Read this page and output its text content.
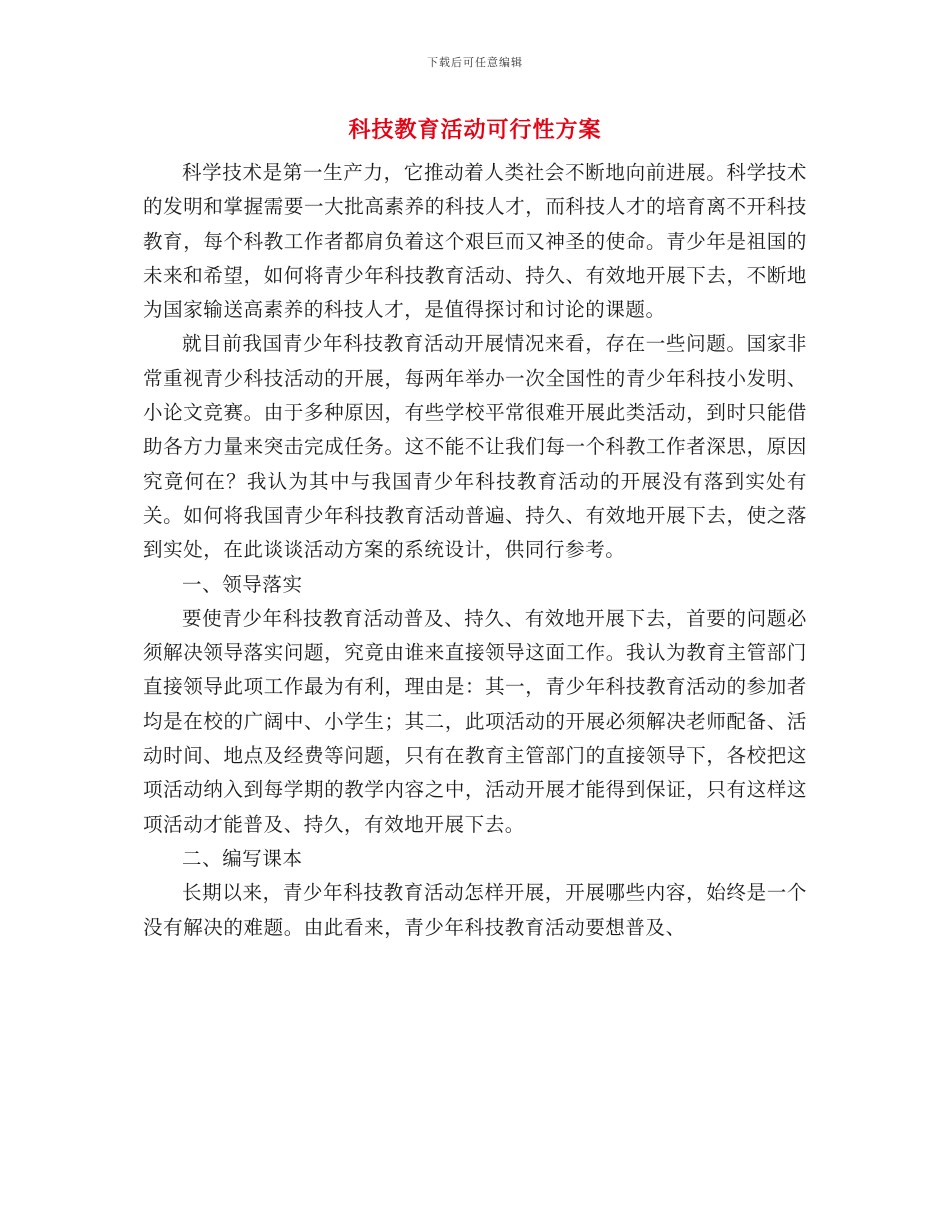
下载后可任意编辑
科技教育活动可行性方案

科学技术是第一生产力，它推动着人类社会不断地向前进展。科学技术的发明和掌握需要一大批高素养的科技人才，而科技人才的培育离不开科技教育，每个科教工作者都肩负着这个艰巨而又神圣的使命。青少年是祖国的未来和希望，如何将青少年科技教育活动、持久、有效地开展下去，不断地为国家输送高素养的科技人才，是值得探讨和讨论的课题。

就目前我国青少年科技教育活动开展情况来看，存在一些问题。国家非常重视青少科技活动的开展，每两年举办一次全国性的青少年科技小发明、小论文竞赛。由于多种原因，有些学校平常很难开展此类活动，到时只能借助各方力量来突击完成任务。这不能不让我们每一个科教工作者深思，原因究竟何在？我认为其中与我国青少年科技教育活动的开展没有落到实处有关。如何将我国青少年科技教育活动普遍、持久、有效地开展下去，使之落到实处，在此谈谈活动方案的系统设计，供同行参考。

一、领导落实

要使青少年科技教育活动普及、持久、有效地开展下去，首要的问题必须解决领导落实问题，究竟由谁来直接领导这面工作。我认为教育主管部门直接领导此项工作最为有利，理由是：其一，青少年科技教育活动的参加者均是在校的广阔中、小学生；其二，此项活动的开展必须解决老师配备、活动时间、地点及经费等问题，只有在教育主管部门的直接领导下，各校把这项活动纳入到每学期的教学内容之中，活动开展才能得到保证，只有这样这项活动才能普及、持久，有效地开展下去。

二、编写课本

长期以来，青少年科技教育活动怎样开展，开展哪些内容，始终是一个没有解决的难题。由此看来，青少年科技教育活动要想普及、
